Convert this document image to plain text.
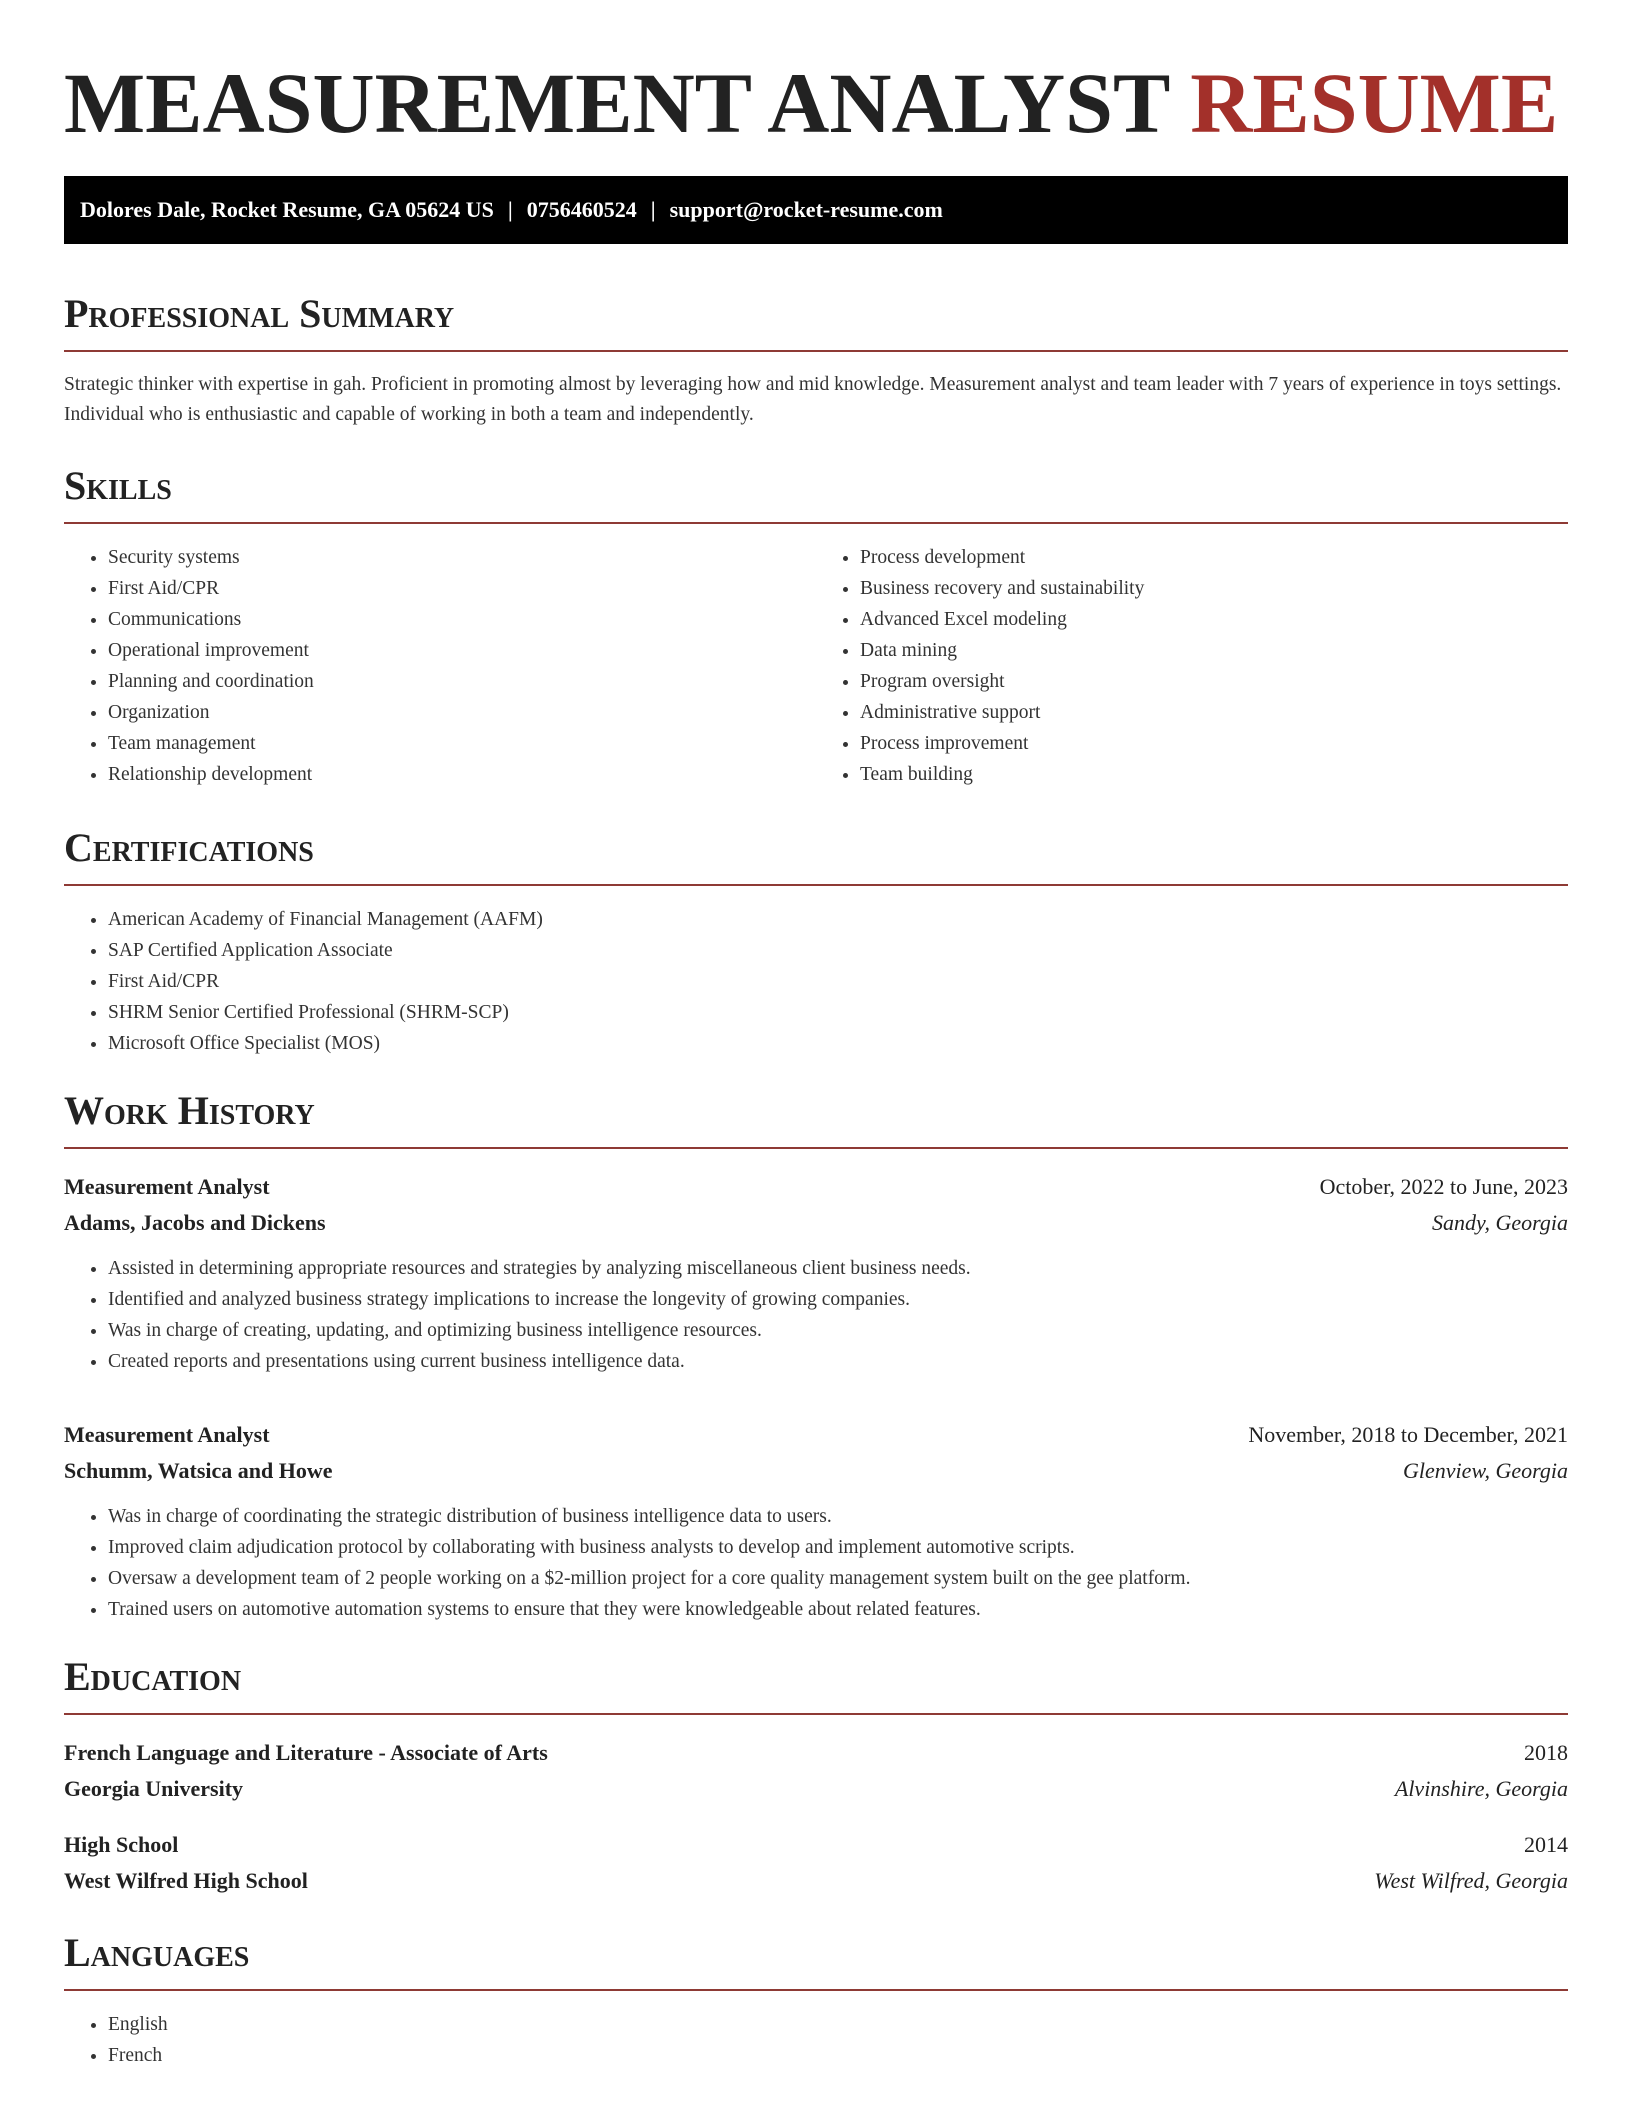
MEASUREMENT ANALYST RESUME
Dolores Dale, Rocket Resume, GA 05624 US | 0756460524 | support@rocket-resume.com
Professional Summary

Strategic thinker with expertise in gah. Proficient in promoting almost by leveraging how and mid knowledge. Measurement analyst and team leader with 7 years of experience in toys settings. Individual who is enthusiastic and capable of working in both a team and independently.

Skills
• Security systems
• First Aid/CPR
• Communications
• Operational improvement
• Planning and coordination
• Organization
• Team management
• Relationship development
• Process development
• Business recovery and sustainability
• Advanced Excel modeling
• Data mining
• Program oversight
• Administrative support
• Process improvement
• Team building
Certifications
• American Academy of Financial Management (AAFM)
• SAP Certified Application Associate
• First Aid/CPR
• SHRM Senior Certified Professional (SHRM-SCP)
• Microsoft Office Specialist (MOS)
Work History
Measurement Analyst	October, 2022 to June, 2023
Adams, Jacobs and Dickens	Sandy, Georgia
• Assisted in determining appropriate resources and strategies by analyzing miscellaneous client business needs.
• Identified and analyzed business strategy implications to increase the longevity of growing companies.
• Was in charge of creating, updating, and optimizing business intelligence resources.
• Created reports and presentations using current business intelligence data.
Measurement Analyst	November, 2018 to December, 2021
Schumm, Watsica and Howe	Glenview, Georgia
• Was in charge of coordinating the strategic distribution of business intelligence data to users.
• Improved claim adjudication protocol by collaborating with business analysts to develop and implement automotive scripts.
• Oversaw a development team of 2 people working on a $2-million project for a core quality management system built on the gee platform.
• Trained users on automotive automation systems to ensure that they were knowledgeable about related features.
Education
French Language and Literature - Associate of Arts	2018
Georgia University	Alvinshire, Georgia
High School	2014
West Wilfred High School	West Wilfred, Georgia
Languages
• English
• French
